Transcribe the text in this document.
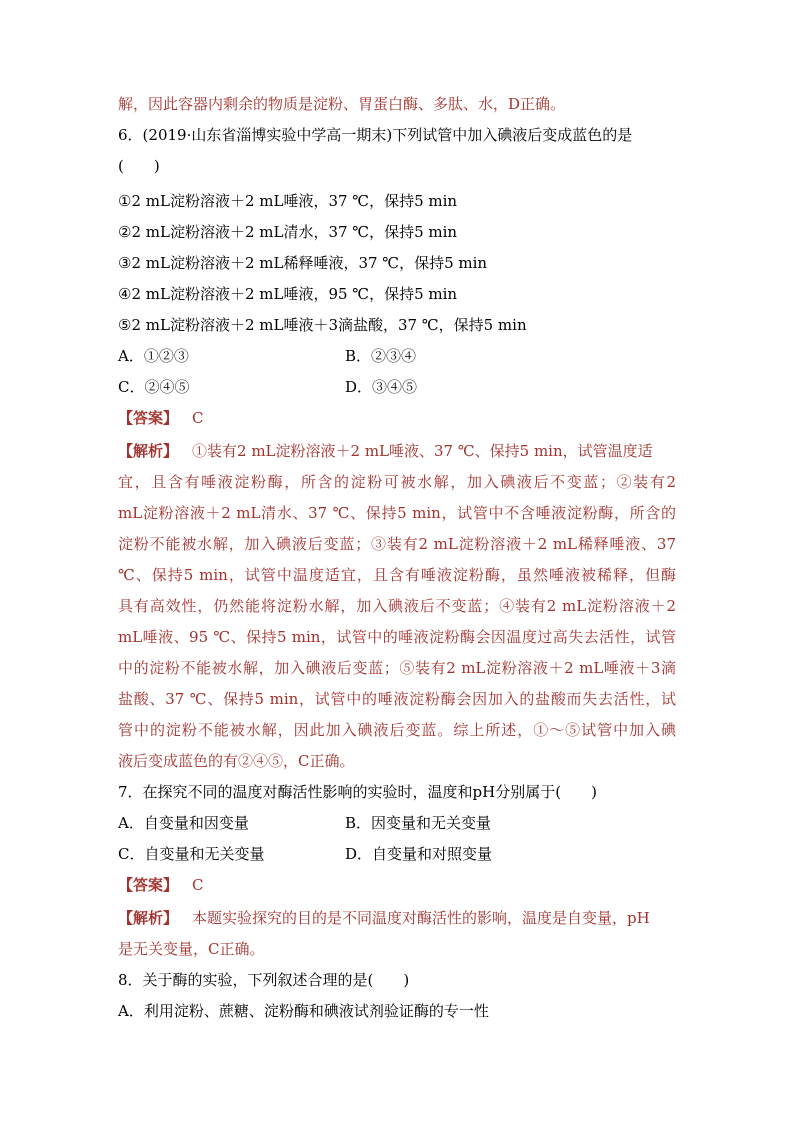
解，因此容器内剩余的物质是淀粉、胃蛋白酶、多肽、水，D正确。
6．(2019·山东省淄博实验中学高一期末)下列试管中加入碘液后变成蓝色的是
(　　)
①2 mL淀粉溶液＋2 mL唾液，37 ℃，保持5 min
②2 mL淀粉溶液＋2 mL清水，37 ℃，保持5 min
③2 mL淀粉溶液＋2 mL稀释唾液，37 ℃，保持5 min
④2 mL淀粉溶液＋2 mL唾液，95 ℃，保持5 min
⑤2 mL淀粉溶液＋2 mL唾液＋3滴盐酸，37 ℃，保持5 min
A．①②③	B．②③④
C．②④⑤	D．③④⑤
【答案】 C
【解析】 ①装有2 mL淀粉溶液＋2 mL唾液、37 ℃、保持5 min，试管温度适
宜，且含有唾液淀粉酶，所含的淀粉可被水解，加入碘液后不变蓝；②装有2
mL淀粉溶液＋2 mL清水、37 ℃、保持5 min，试管中不含唾液淀粉酶，所含的
淀粉不能被水解，加入碘液后变蓝；③装有2 mL淀粉溶液＋2 mL稀释唾液、37
℃、保持5 min，试管中温度适宜，且含有唾液淀粉酶，虽然唾液被稀释，但酶
具有高效性，仍然能将淀粉水解，加入碘液后不变蓝；④装有2 mL淀粉溶液＋2
mL唾液、95 ℃、保持5 min，试管中的唾液淀粉酶会因温度过高失去活性，试管
中的淀粉不能被水解，加入碘液后变蓝；⑤装有2 mL淀粉溶液＋2 mL唾液＋3滴
盐酸、37 ℃、保持5 min，试管中的唾液淀粉酶会因加入的盐酸而失去活性，试
管中的淀粉不能被水解，因此加入碘液后变蓝。综上所述，①～⑤试管中加入碘
液后变成蓝色的有②④⑤，C正确。
7．在探究不同的温度对酶活性影响的实验时，温度和pH分别属于(　　)
A．自变量和因变量	B．因变量和无关变量
C．自变量和无关变量	D．自变量和对照变量
【答案】 C
【解析】 本题实验探究的目的是不同温度对酶活性的影响，温度是自变量，pH
是无关变量，C正确。
8．关于酶的实验，下列叙述合理的是(　　)
A．利用淀粉、蔗糖、淀粉酶和碘液试剂验证酶的专一性
